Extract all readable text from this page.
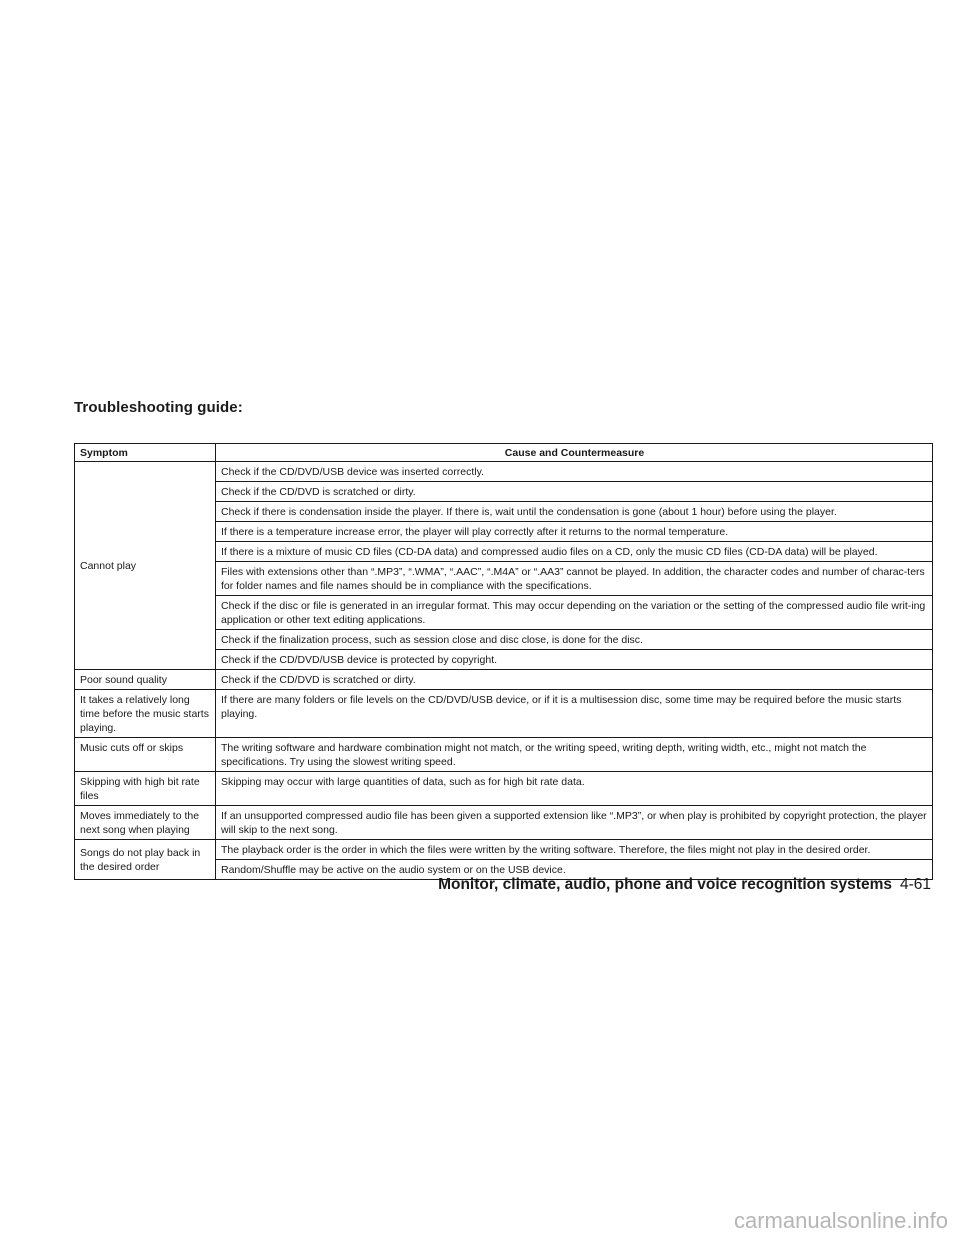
Troubleshooting guide:
Symptom	Cause and Countermeasure
Cannot play	Check if the CD/DVD/USB device was inserted correctly.
	Check if the CD/DVD is scratched or dirty.
	Check if there is condensation inside the player. If there is, wait until the condensation is gone (about 1 hour) before using the player.
	If there is a temperature increase error, the player will play correctly after it returns to the normal temperature.
	If there is a mixture of music CD files (CD-DA data) and compressed audio files on a CD, only the music CD files (CD-DA data) will be played.
	Files with extensions other than “.MP3”, “.WMA”, “.AAC”, “.M4A” or “.AA3” cannot be played. In addition, the character codes and number of charac-ters for folder names and file names should be in compliance with the specifications.
	Check if the disc or file is generated in an irregular format. This may occur depending on the variation or the setting of the compressed audio file writ-ing application or other text editing applications.
	Check if the finalization process, such as session close and disc close, is done for the disc.
	Check if the CD/DVD/USB device is protected by copyright.
Poor sound quality	Check if the CD/DVD is scratched or dirty.
It takes a relatively long time before the music starts playing.	If there are many folders or file levels on the CD/DVD/USB device, or if it is a multisession disc, some time may be required before the music starts playing.
Music cuts off or skips	The writing software and hardware combination might not match, or the writing speed, writing depth, writing width, etc., might not match the specifications. Try using the slowest writing speed.
Skipping with high bit rate files	Skipping may occur with large quantities of data, such as for high bit rate data.
Moves immediately to the next song when playing	If an unsupported compressed audio file has been given a supported extension like “.MP3”, or when play is prohibited by copyright protection, the player will skip to the next song.
Songs do not play back in the desired order	The playback order is the order in which the files were written by the writing software. Therefore, the files might not play in the desired order.
	Random/Shuffle may be active on the audio system or on the USB device.
Monitor, climate, audio, phone and voice recognition systems 4-61
carmanualsonline.info
